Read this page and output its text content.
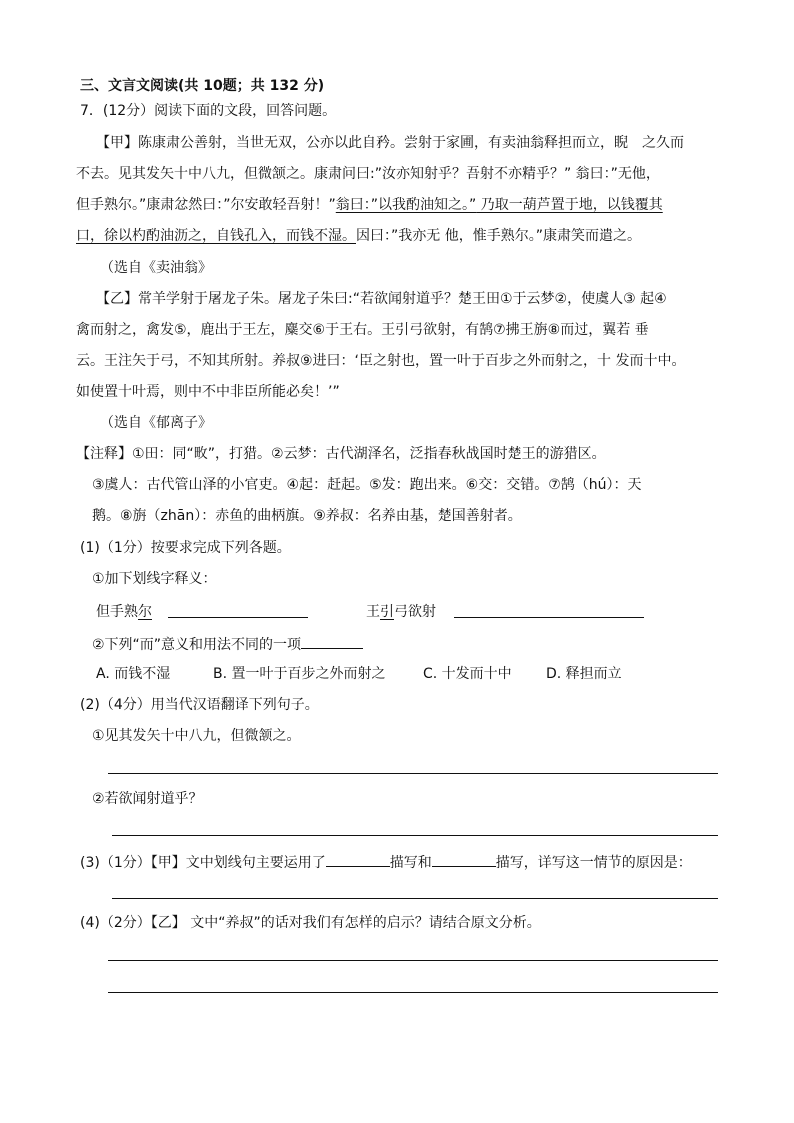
三、文言文阅读(共 10题；共 132 分)
7．(12分）阅读下面的文段，回答问题。
【甲】陈康肃公善射，当世无双，公亦以此自矜。尝射于家圃，有卖油翁释担而立，睨　之久而
不去。见其发矢十中八九，但微颔之。康肃问曰:”汝亦知射乎？吾射不亦精乎？” 翁曰：”无他，
但手熟尔。”康肃忿然曰：”尔安敢轻吾射！”翁曰：”以我酌油知之。” 乃取一葫芦置于地，以钱覆其
口，徐以杓酌油沥之，自钱孔入，而钱不湿。因曰：”我亦无 他，惟手熟尔。”康肃笑而遣之。
（选自《卖油翁》
【乙】常羊学射于屠龙子朱。屠龙子朱曰:“若欲闻射道乎？楚王田①于云梦②，使虞人③ 起④
禽而射之，禽发⑤，鹿出于王左，麋交⑥于王右。王引弓欲射，有鹄⑦拂王旃⑧而过，翼若 垂
云。王注矢于弓，不知其所射。养叔⑨进曰：‘臣之射也，置一叶于百步之外而射之，十 发而十中。
如使置十叶焉，则中不中非臣所能必矣！’”
（选自《郁离子》
【注释】①田：同“畋”，打猎。②云梦：古代湖泽名，泛指春秋战国时楚王的游猎区。
③虞人：古代管山泽的小官吏。④起：赶起。⑤发：跑出来。⑥交：交错。⑦鹄（hú）：天
鹅。⑧旃（zhān）：赤鱼的曲柄旗。⑨养叔：名养由基，楚国善射者。
(1)（1分）按要求完成下列各题。
①加下划线字释义：
但手熟尔	王引弓欲射
②下列“而”意义和用法不同的一项
A. 而钱不湿	B. 置一叶于百步之外而射之	C. 十发而十中 D. 释担而立
(2)（4分）用当代汉语翻译下列句子。
①见其发矢十中八九，但微颔之。
②若欲闻射道乎？
(3)（1分）【甲】文中划线句主要运用了	描写和	描写，详写这一情节的原因是：
(4)（2分）【乙】 文中“养叔”的话对我们有怎样的启示？请结合原文分析。
